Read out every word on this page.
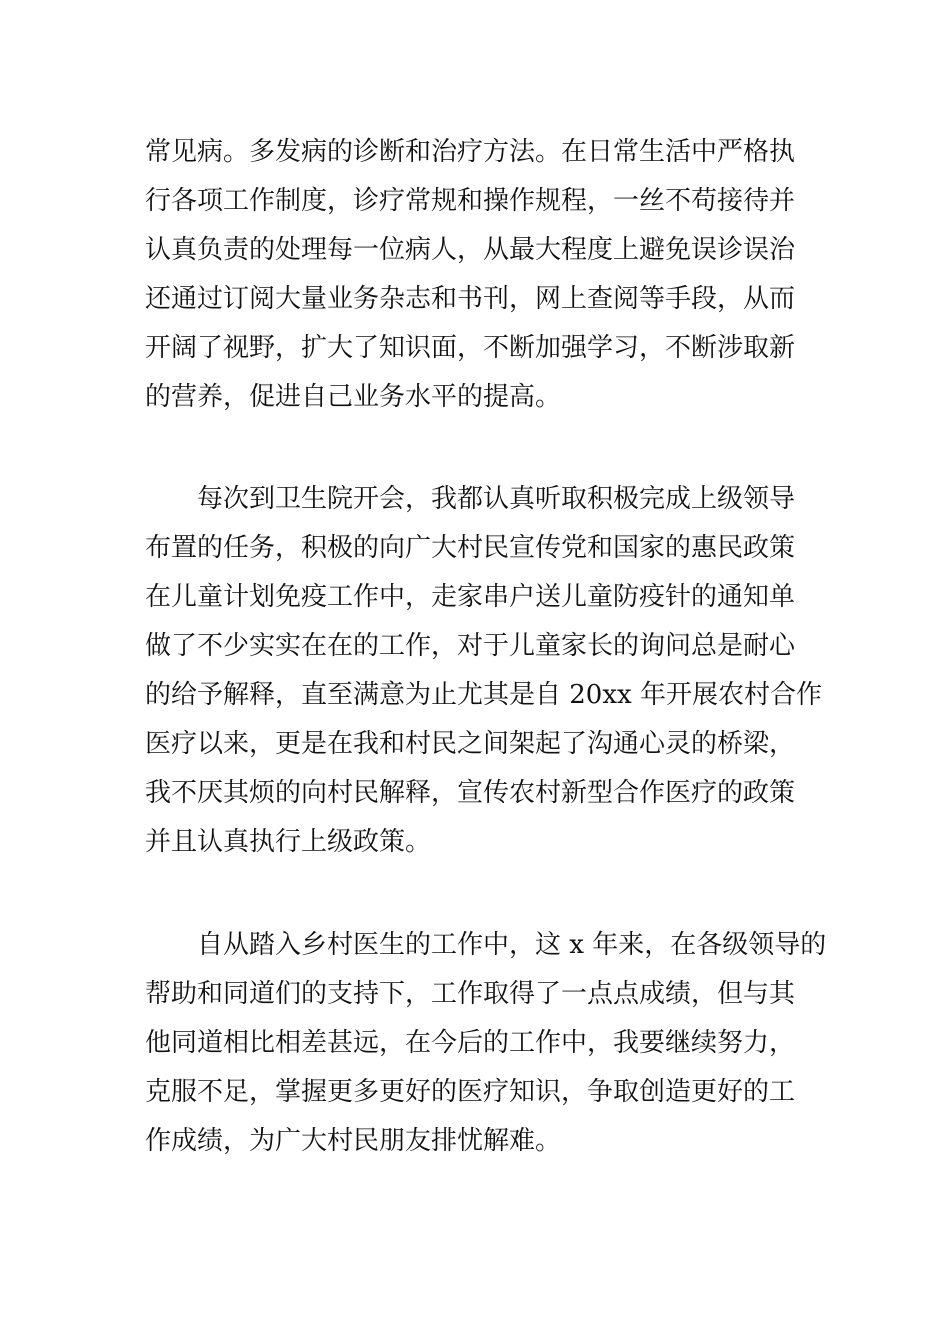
常见病。多发病的诊断和治疗方法。在日常生活中严格执
行各项工作制度，诊疗常规和操作规程，一丝不苟接待并
认真负责的处理每一位病人，从最大程度上避免误诊误治
还通过订阅大量业务杂志和书刊，网上查阅等手段，从而
开阔了视野，扩大了知识面，不断加强学习，不断涉取新
的营养，促进自己业务水平的提高。
每次到卫生院开会，我都认真听取积极完成上级领导
布置的任务，积极的向广大村民宣传党和国家的惠民政策
在儿童计划免疫工作中，走家串户送儿童防疫针的通知单
做了不少实实在在的工作，对于儿童家长的询问总是耐心
的给予解释，直至满意为止尤其是自 20xx 年开展农村合作
医疗以来，更是在我和村民之间架起了沟通心灵的桥梁，
我不厌其烦的向村民解释，宣传农村新型合作医疗的政策
并且认真执行上级政策。
自从踏入乡村医生的工作中，这 x 年来，在各级领导的
帮助和同道们的支持下，工作取得了一点点成绩，但与其
他同道相比相差甚远，在今后的工作中，我要继续努力，
克服不足，掌握更多更好的医疗知识，争取创造更好的工
作成绩，为广大村民朋友排忧解难。
